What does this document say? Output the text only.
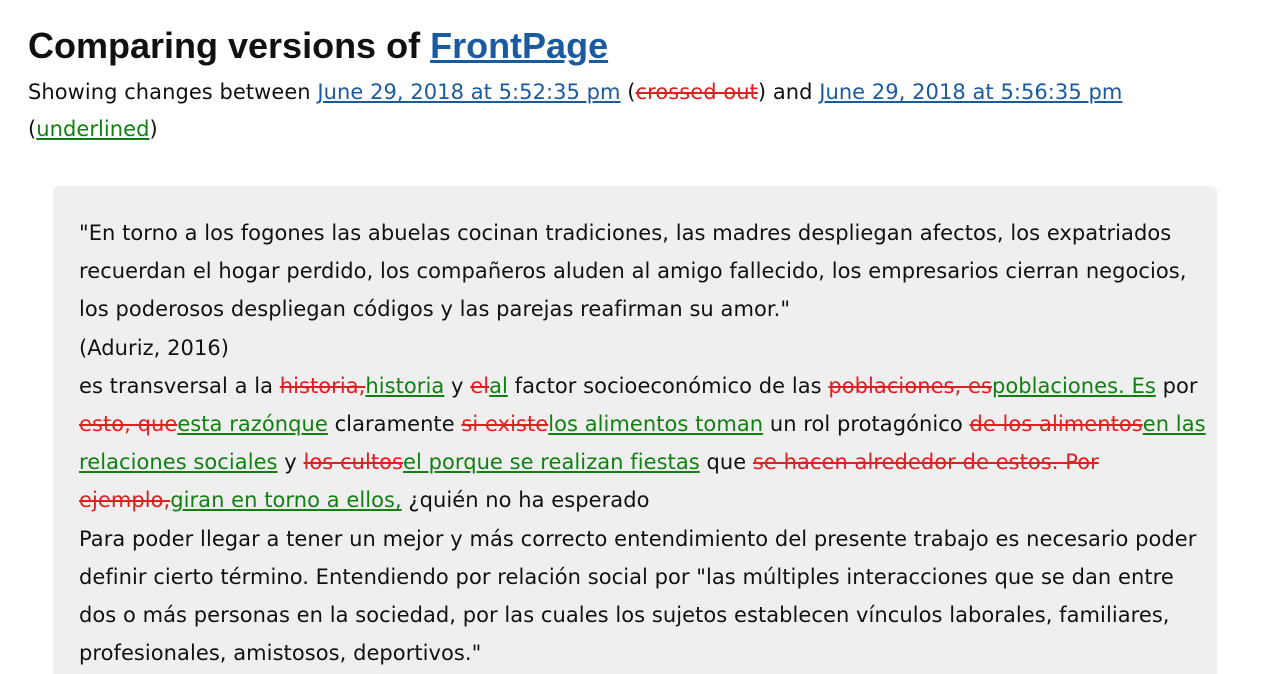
Comparing versions of FrontPage

Showing changes between June 29, 2018 at 5:52:35 pm (crossed out) and June 29, 2018 at 5:56:35 pm
(underlined)

"En torno a los fogones las abuelas cocinan tradiciones, las madres despliegan afectos, los expatriados recuerdan el hogar perdido, los compañeros aluden al amigo fallecido, los empresarios cierran negocios, los poderosos despliegan códigos y las parejas reafirman su amor."

(Aduriz, 2016)

es transversal a la historia,historia y elal factor socioeconómico de las poblaciones, espoblaciones. Es por esto, queesta razónque claramente si existelos alimentos toman un rol protagónico de los alimentosen las relaciones sociales y los cultosel porque se realizan fiestas que se hacen alrededor de estos. Por ejemplo,giran en torno a ellos, ¿quién no ha esperado

Para poder llegar a tener un mejor y más correcto entendimiento del presente trabajo es necesario poder definir cierto término. Entendiendo por relación social por "las múltiples interacciones que se dan entre dos o más personas en la sociedad, por las cuales los sujetos establecen vínculos laborales, familiares, profesionales, amistosos, deportivos."
